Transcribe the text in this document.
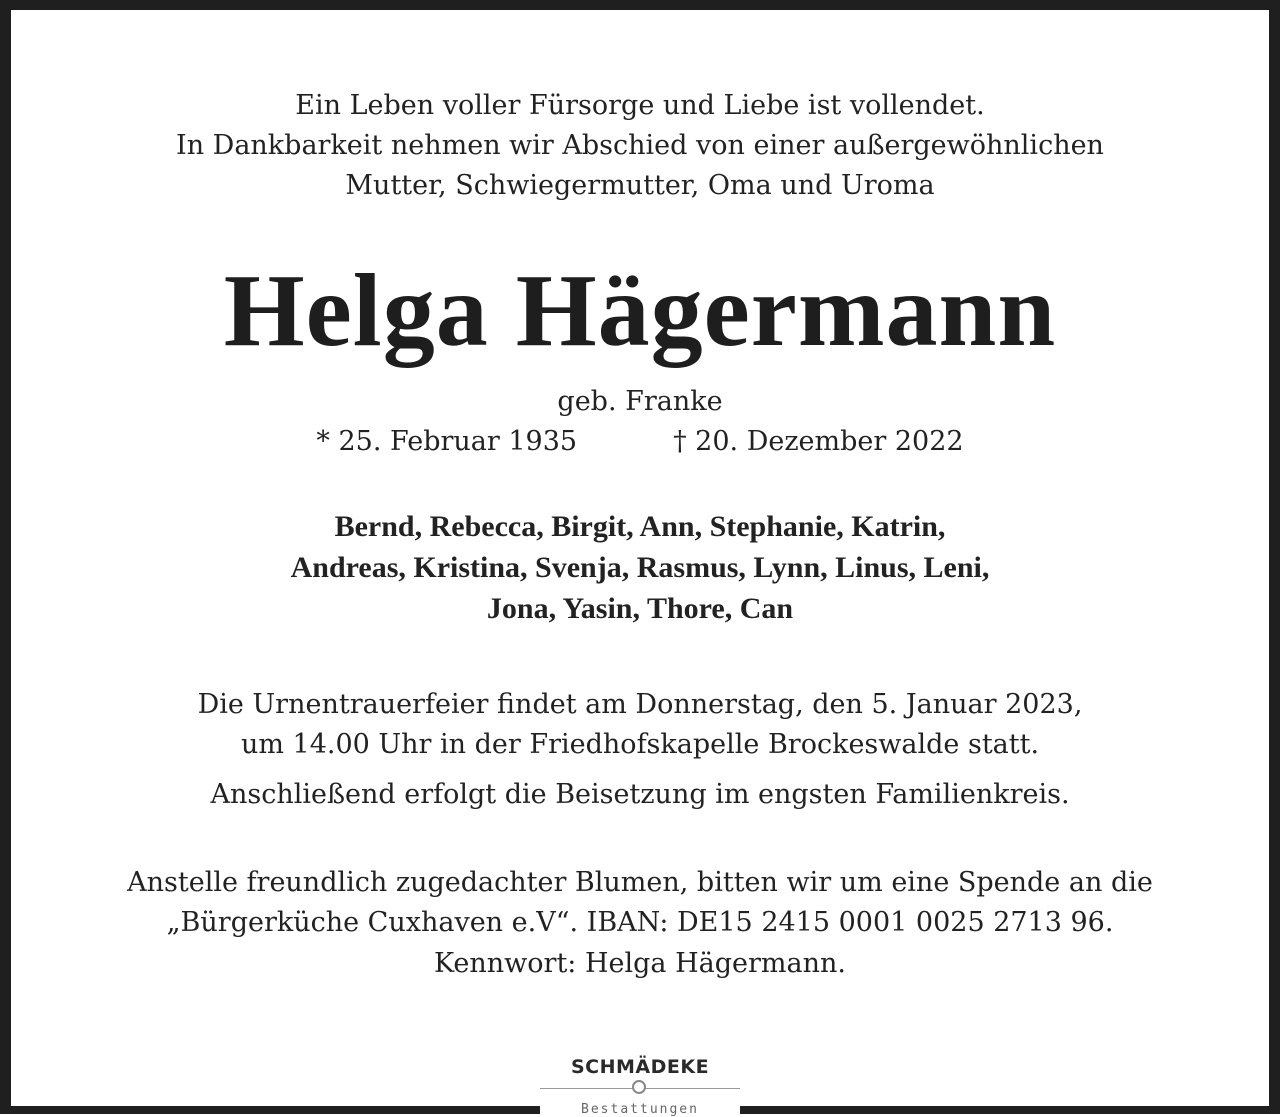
Ein Leben voller Fürsorge und Liebe ist vollendet.
In Dankbarkeit nehmen wir Abschied von einer außergewöhnlichen
Mutter, Schwiegermutter, Oma und Uroma
Helga Hägermann
geb. Franke
* 25. Februar 1935	† 20. Dezember 2022
Bernd, Rebecca, Birgit, Ann, Stephanie, Katrin,
Andreas, Kristina, Svenja, Rasmus, Lynn, Linus, Leni,
Jona, Yasin, Thore, Can
Die Urnentrauerfeier findet am Donnerstag, den 5. Januar 2023,
um 14.00 Uhr in der Friedhofskapelle Brockeswalde statt.
Anschließend erfolgt die Beisetzung im engsten Familienkreis.
Anstelle freundlich zugedachter Blumen, bitten wir um eine Spende an die
„Bürgerküche Cuxhaven e.V“. IBAN: DE15 2415 0001 0025 2713 96.
Kennwort: Helga Hägermann.
SCHMÄDEKE
Bestattungen
